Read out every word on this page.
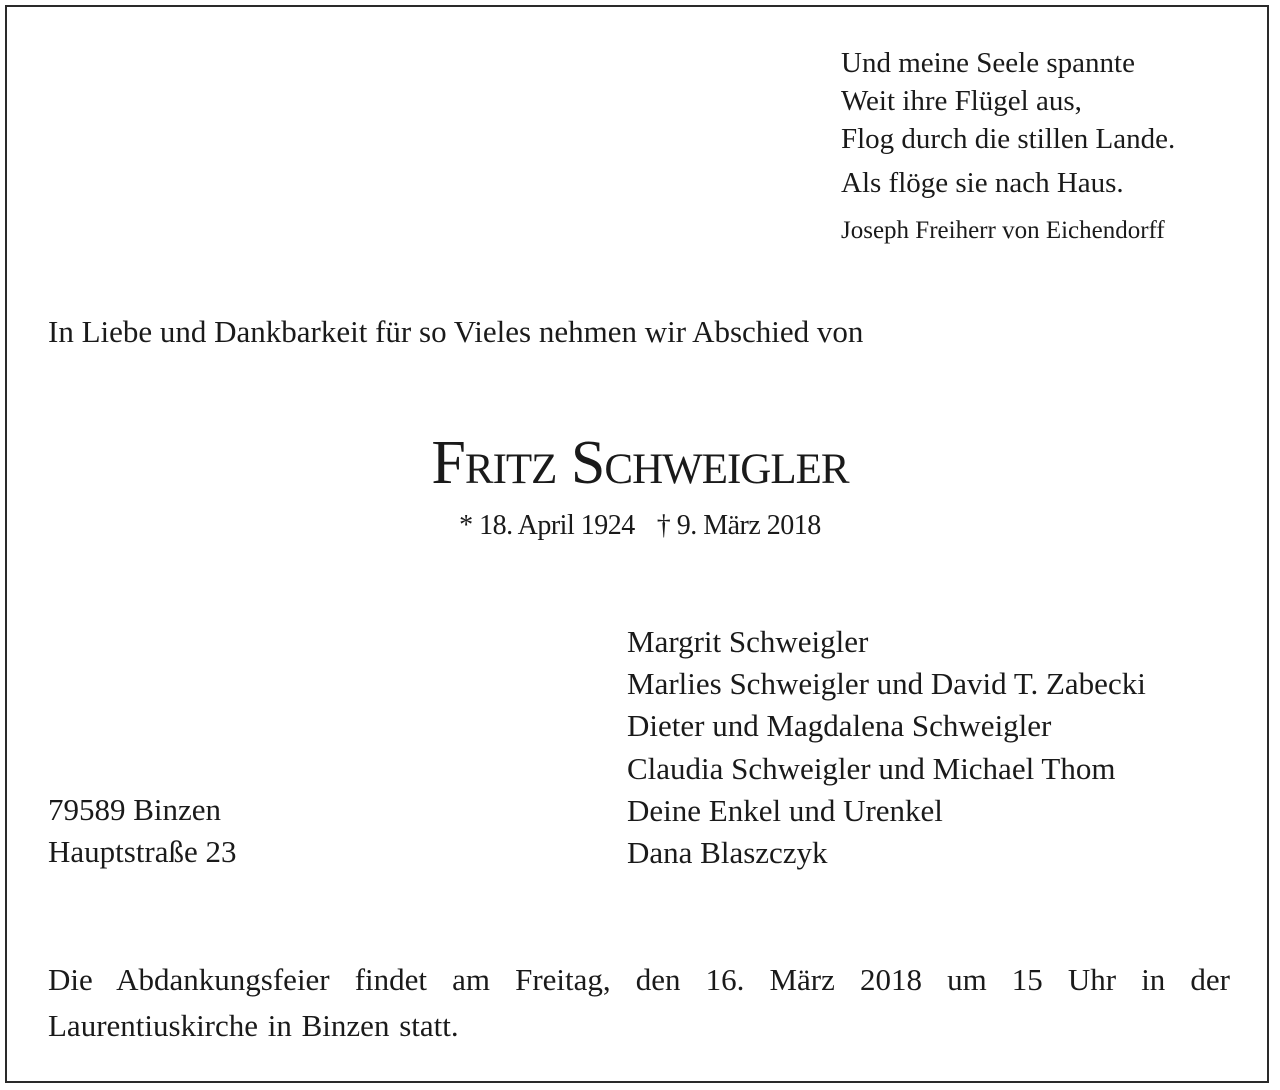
Und meine Seele spannte
Weit ihre Flügel aus,
Flog durch die stillen Lande.
Als flöge sie nach Haus.
Joseph Freiherr von Eichendorff
In Liebe und Dankbarkeit für so Vieles nehmen wir Abschied von
Fritz Schweigler
* 18. April 1924 † 9. März 2018
Margrit Schweigler
Marlies Schweigler und David T. Zabecki
Dieter und Magdalena Schweigler
Claudia Schweigler und Michael Thom
Deine Enkel und Urenkel
Dana Blaszczyk
79589 Binzen
Hauptstraße 23
Die Abdankungsfeier findet am Freitag, den 16. März 2018 um 15 Uhr in der Laurentiuskirche in Binzen statt.
